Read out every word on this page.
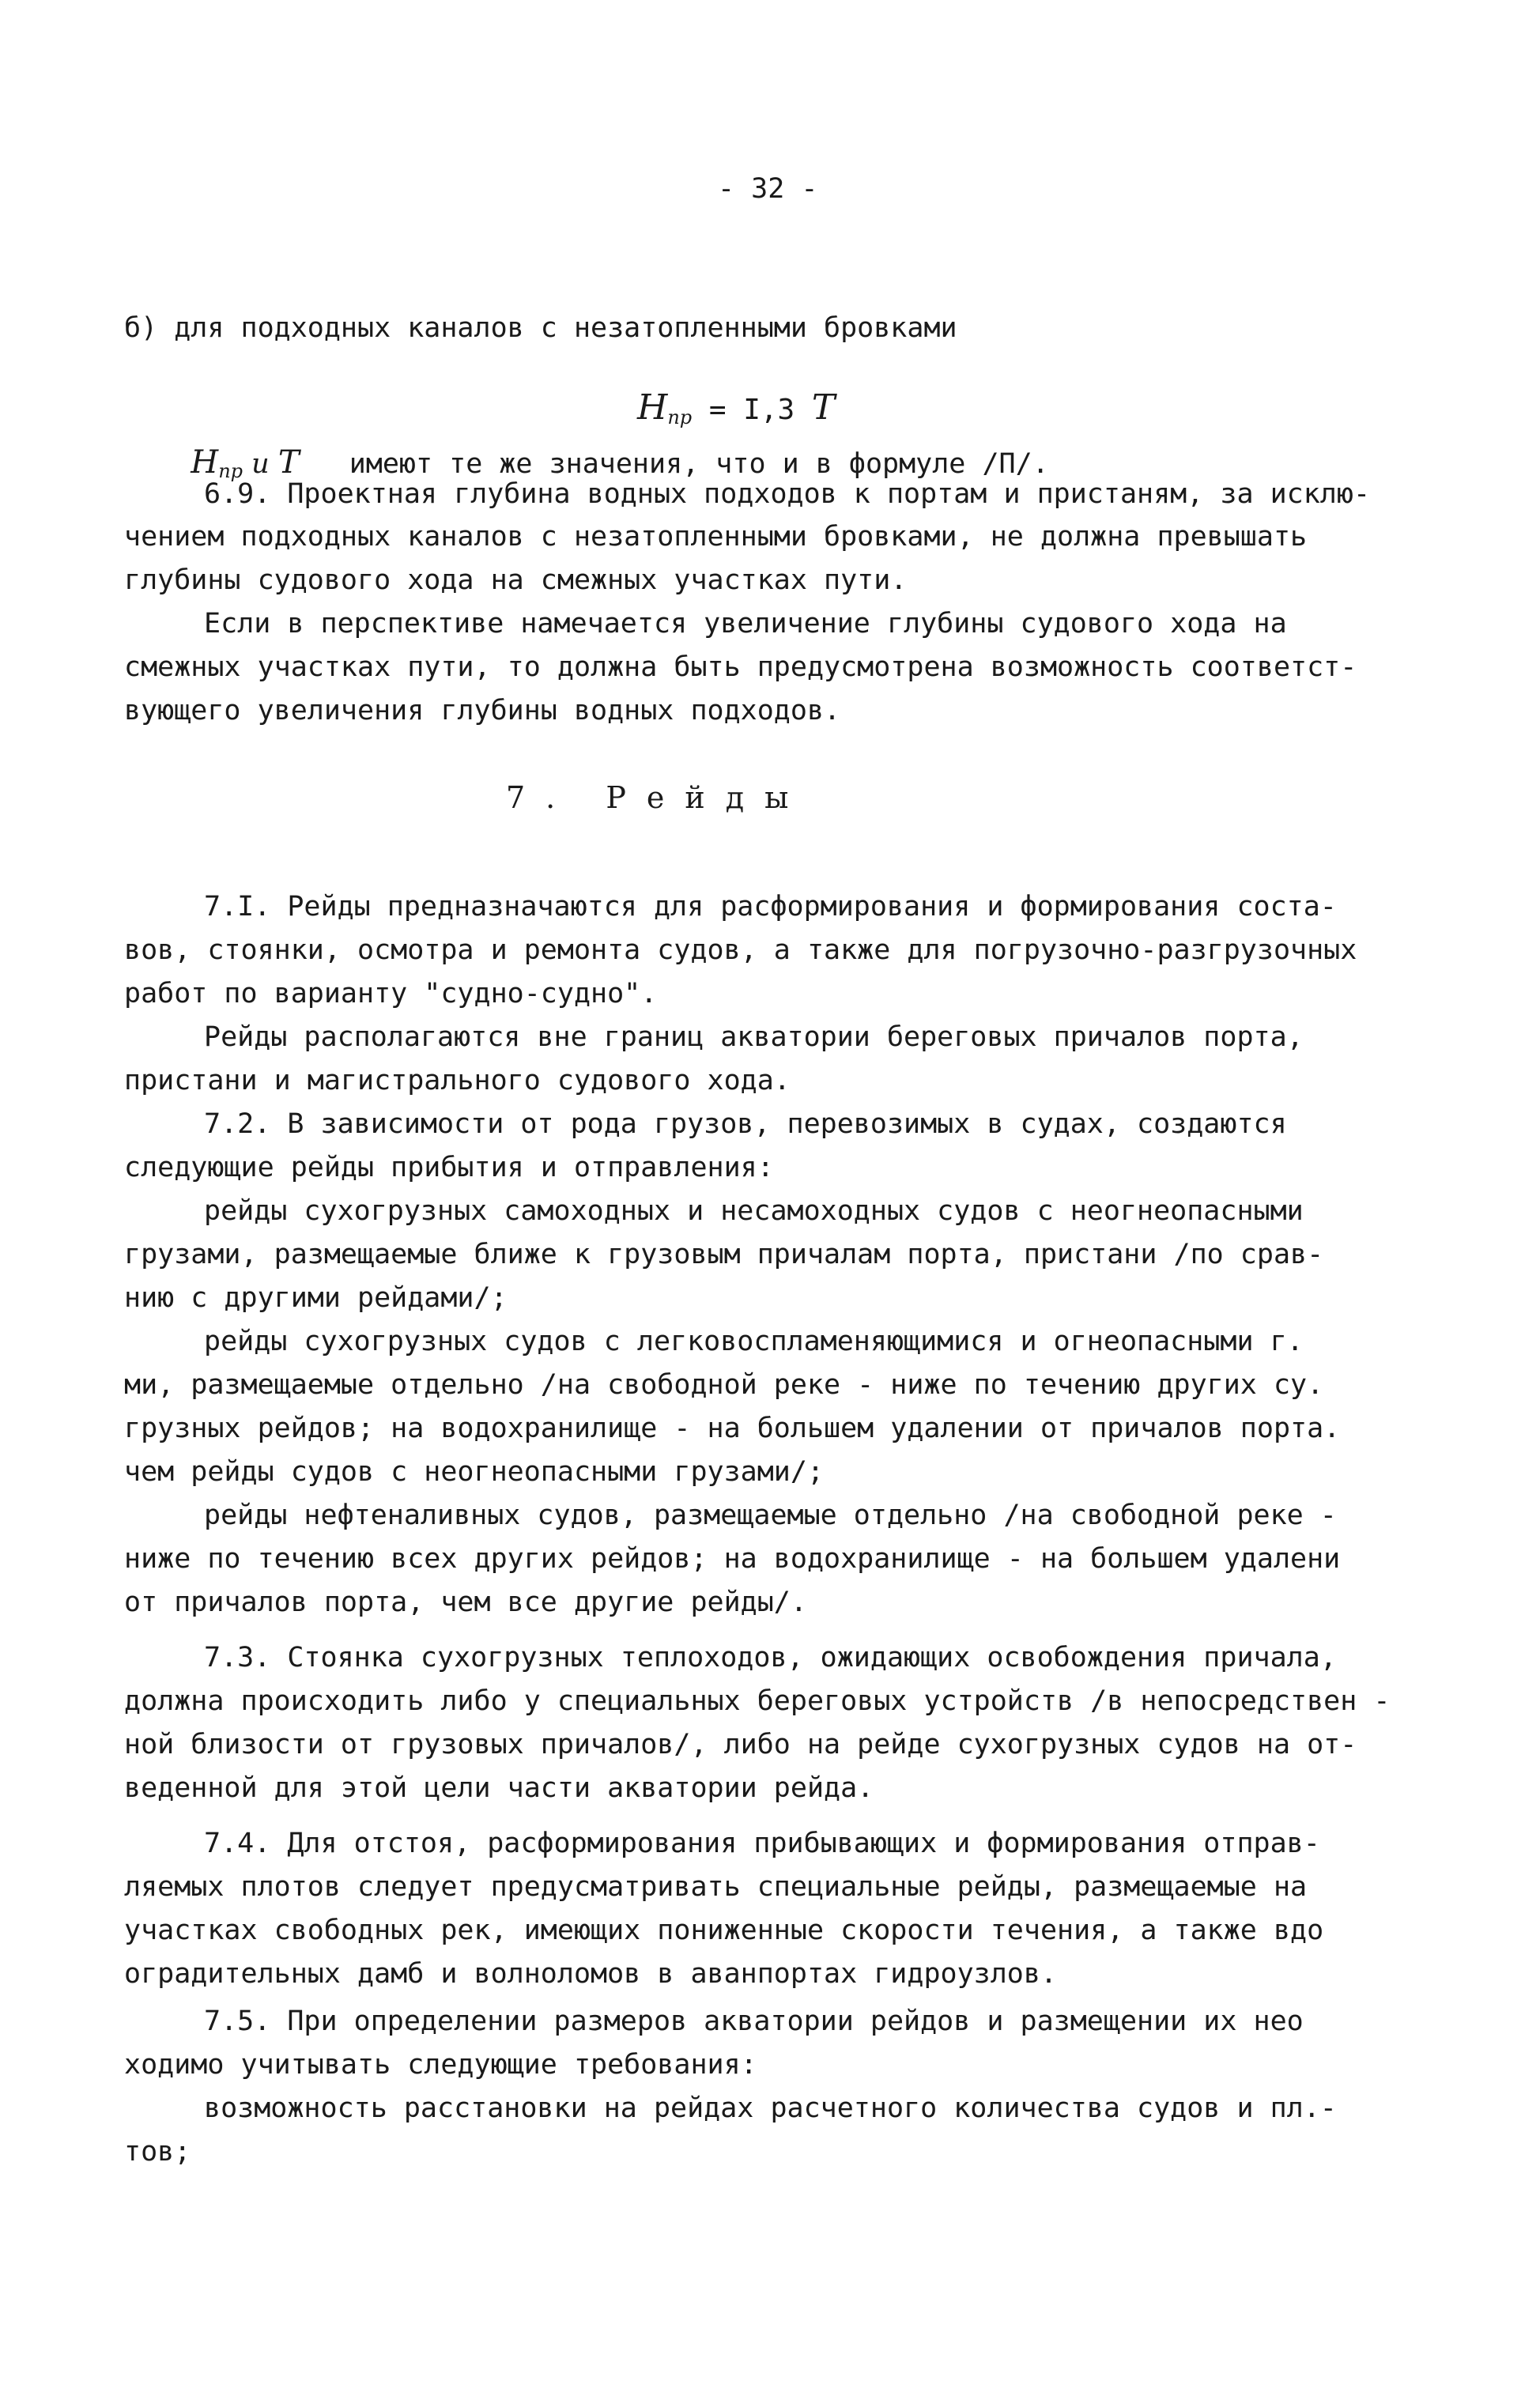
- 32 -
б) для подходных каналов с незатопленными бровками

$H_{пр} = I,3$ T

$H_{пр}$ и T   имеют те же значения, что и в формуле /П/.

6.9. Проектная глубина водных подходов к портам и пристаням, за исклю-
чением подходных каналов с незатопленными бровками, не должна превышать
глубины судового хода на смежных участках пути.
Если в перспективе намечается увеличение глубины судового хода на
смежных участках пути, то должна быть предусмотрена возможность соответст-
вующего увеличения глубины водных подходов.
7. Рейды
7.I. Рейды предназначаются для расформирования и формирования соста-
вов, стоянки, осмотра и ремонта судов, а также для погрузочно-разгрузочных
работ по варианту "судно-судно".
Рейды располагаются вне границ акватории береговых причалов порта,
пристани и магистрального судового хода.
7.2. В зависимости от рода грузов, перевозимых в судах, создаются
следующие рейды прибытия и отправления:
рейды сухогрузных самоходных и несамоходных судов с неогнеопасными
грузами, размещаемые ближе к грузовым причалам порта, пристани /по срав-
нию с другими рейдами/;
рейды сухогрузных судов с легковоспламеняющимися и огнеопасными г.
ми, размещаемые отдельно /на свободной реке - ниже по течению других су.
грузных рейдов; на водохранилище - на большем удалении от причалов порта.
чем рейды судов с неогнеопасными грузами/;
рейды нефтеналивных судов, размещаемые отдельно /на свободной реке -
ниже по течению всех других рейдов; на водохранилище - на большем удалени
от причалов порта, чем все другие рейды/.
7.3. Стоянка сухогрузных теплоходов, ожидающих освобождения причала,
должна происходить либо у специальных береговых устройств /в непосредствен -
ной близости от грузовых причалов/, либо на рейде сухогрузных судов на от-
веденной для этой цели части акватории рейда.
7.4. Для отстоя, расформирования прибывающих и формирования отправ-
ляемых плотов следует предусматривать специальные рейды, размещаемые на
участках свободных рек, имеющих пониженные скорости течения, а также вдо
оградительных дамб и волноломов в аванпортах гидроузлов.
7.5. При определении размеров акватории рейдов и размещении их нео
ходимо учитывать следующие требования:
возможность расстановки на рейдах расчетного количества судов и пл.-
тов;
